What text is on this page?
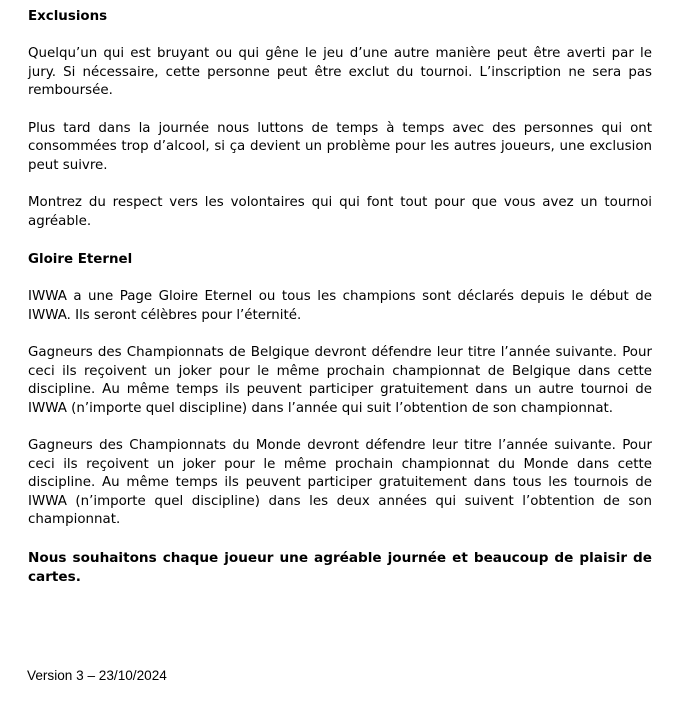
Exclusions

Quelqu’un qui est bruyant ou qui gêne le jeu d’une autre manière peut être averti par le jury. Si nécessaire, cette personne peut être exclut du tournoi. L’inscription ne sera pas remboursée.

Plus tard dans la journée nous luttons de temps à temps avec des personnes qui ont consommées trop d’alcool, si ça devient un problème pour les autres joueurs, une exclusion peut suivre.

Montrez du respect vers les volontaires qui qui font tout pour que vous avez un tournoi agréable.

Gloire Eternel

IWWA a une Page Gloire Eternel ou tous les champions sont déclarés depuis le début de IWWA. Ils seront célèbres pour l’éternité.

Gagneurs des Championnats de Belgique devront défendre leur titre l’année suivante. Pour ceci ils reçoivent un joker pour le même prochain championnat de Belgique dans cette discipline. Au même temps ils peuvent participer gratuitement dans un autre tournoi de IWWA (n’importe quel discipline) dans l’année qui suit l’obtention de son championnat.

Gagneurs des Championnats du Monde devront défendre leur titre l’année suivante. Pour ceci ils reçoivent un joker pour le même prochain championnat du Monde dans cette discipline. Au même temps ils peuvent participer gratuitement dans tous les tournois de IWWA (n’importe quel discipline) dans les deux années qui suivent l’obtention de son championnat.

Nous souhaitons chaque joueur une agréable journée et beaucoup de plaisir de cartes.

Version 3 – 23/10/2024
